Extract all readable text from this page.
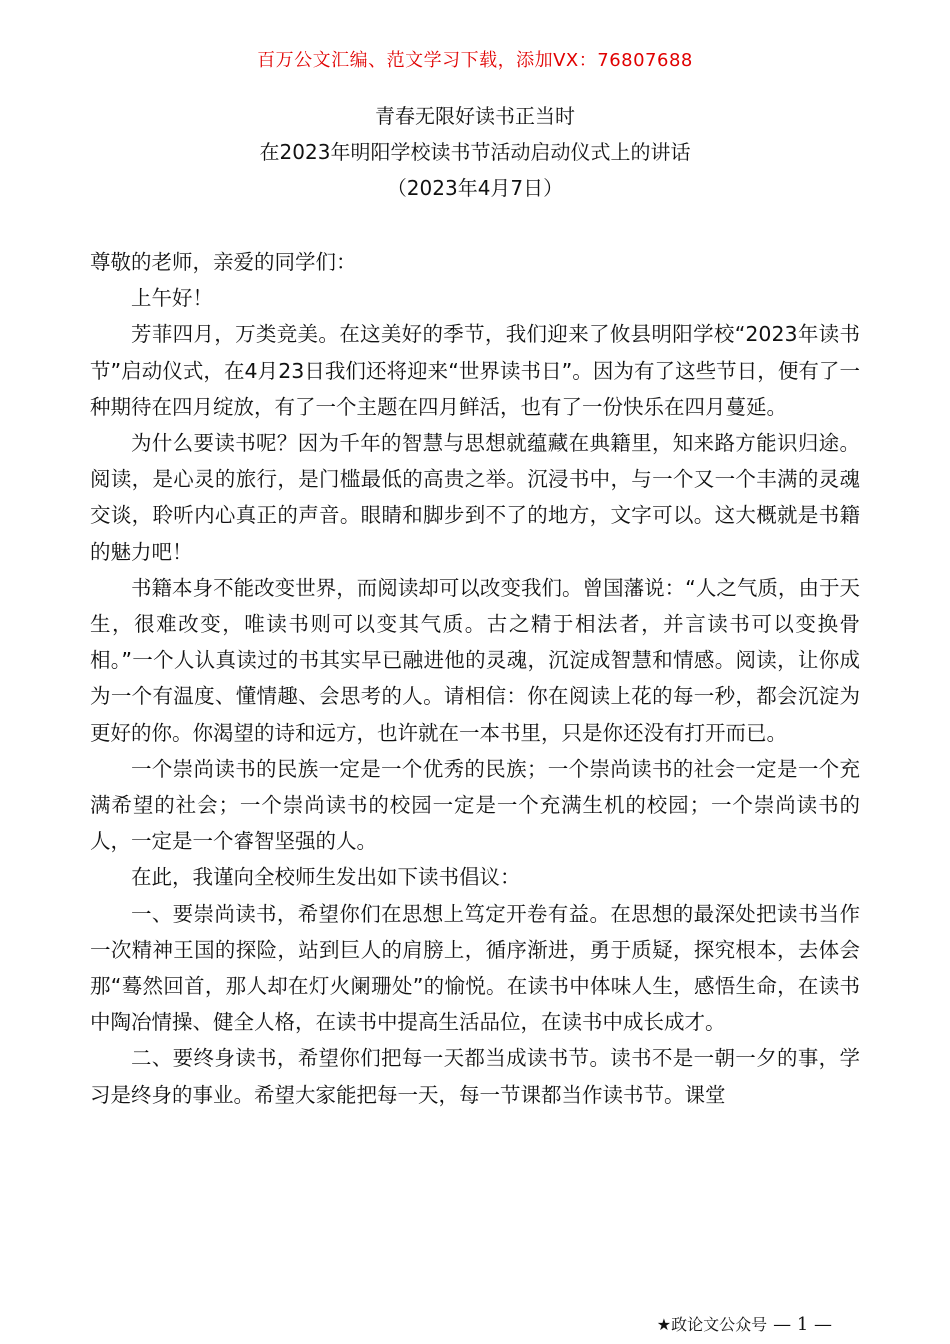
百万公文汇编、范文学习下载，添加VX：76807688
青春无限好读书正当时
在2023年明阳学校读书节活动启动仪式上的讲话
（2023年4月7日）

尊敬的老师，亲爱的同学们：

上午好！

芳菲四月，万类竞美。在这美好的季节，我们迎来了攸县明阳学校“2023年读书节”启动仪式，在4月23日我们还将迎来“世界读书日”。因为有了这些节日，便有了一种期待在四月绽放，有了一个主题在四月鲜活，也有了一份快乐在四月蔓延。

为什么要读书呢？因为千年的智慧与思想就蕴藏在典籍里，知来路方能识归途。阅读，是心灵的旅行，是门槛最低的高贵之举。沉浸书中，与一个又一个丰满的灵魂交谈，聆听内心真正的声音。眼睛和脚步到不了的地方，文字可以。这大概就是书籍的魅力吧！

书籍本身不能改变世界，而阅读却可以改变我们。曾国藩说：“人之气质，由于天生，很难改变，唯读书则可以变其气质。古之精于相法者，并言读书可以变换骨相。”一个人认真读过的书其实早已融进他的灵魂，沉淀成智慧和情感。阅读，让你成为一个有温度、懂情趣、会思考的人。请相信：你在阅读上花的每一秒，都会沉淀为更好的你。你渴望的诗和远方，也许就在一本书里，只是你还没有打开而已。

一个崇尚读书的民族一定是一个优秀的民族；一个崇尚读书的社会一定是一个充满希望的社会；一个崇尚读书的校园一定是一个充满生机的校园；一个崇尚读书的人，一定是一个睿智坚强的人。

在此，我谨向全校师生发出如下读书倡议：

一、要崇尚读书，希望你们在思想上笃定开卷有益。在思想的最深处把读书当作一次精神王国的探险，站到巨人的肩膀上，循序渐进，勇于质疑，探究根本，去体会那“蓦然回首，那人却在灯火阑珊处”的愉悦。在读书中体味人生，感悟生命，在读书中陶冶情操、健全人格，在读书中提高生活品位，在读书中成长成才。

二、要终身读书，希望你们把每一天都当成读书节。读书不是一朝一夕的事，学习是终身的事业。希望大家能把每一天，每一节课都当作读书节。课堂

★政论文公众号 — 1 —
